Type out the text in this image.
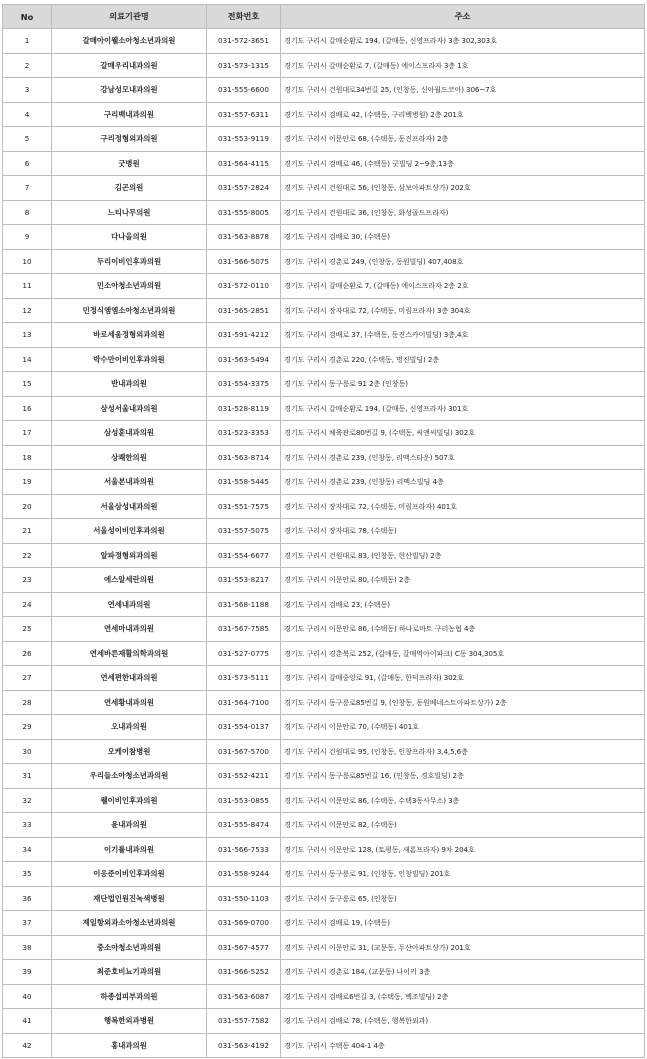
No	의료기관명	전화번호	주소
1	갈매아이웰소아청소년과의원	031-572-3651	경기도 구리시 갈매순환로 194, (갈매동, 신영프라자) 3층 302,303호
2	갈매우리내과의원	031-573-1315	경기도 구리시 갈매순환로 7, (갈매동) 에이스프라자 3층 1호
3	강남성모내과의원	031-555-6600	경기도 구리시 건원대로34번길 25, (인창동, 신아월드코아) 306~7호
4	구리백내과의원	031-557-6311	경기도 구리시 검배로 42, (수택동, 구리백병원) 2층 201호
5	구리정형외과의원	031-553-9119	경기도 구리시 이문안로 68, (수택동, 동진프라자) 2층
6	굿병원	031-564-4115	경기도 구리시 검배로 46, (수택동) 굿빌딩 2~9층,13층
7	김곤의원	031-557-2824	경기도 구리시 건원대로 56, (인창동, 삼보아파트상가) 202호
8	느티나무의원	031-555-8005	경기도 구리시 건원대로 36, (인창동, 화성골드프라자)
9	다나을의원	031-563-8878	경기도 구리시 검배로 30, (수택동)
10	두리이비인후과의원	031-566-5075	경기도 구리시 경춘로 249, (인창동, 동원빌딩) 407,408호
11	민소아청소년과의원	031-572-0110	경기도 구리시 갈매순환로 7, (갈매동) 에이스프라자 2층 2호
12	민정식엠엠소아청소년과의원	031-565-2851	경기도 구리시 장자대로 72, (수택동, 미림프라자) 3층 304호
13	바로세움정형외과의원	031-591-4212	경기도 구리시 검배로 37, (수택동, 동진스카이빌딩) 3층,4호
14	박수만이비인후과의원	031-563-5494	경기도 구리시 경춘로 220, (수택동, 명진빌딩) 2층
15	반내과의원	031-554-3375	경기도 구리시 동구릉로 91 2층 (인창동)
16	삼성서울내과의원	031-528-8119	경기도 구리시 갈매순환로 194, (갈매동, 신영프라자) 301호
17	삼성훈내과의원	031-523-3353	경기도 구리시 체육관로80번길 9, (수택동, 씨앤씨빌딩) 302호
18	상쾌한의원	031-563-8714	경기도 구리시 경춘로 239, (인창동, 리맥스타운) 507호
19	서울본내과의원	031-558-5445	경기도 구리시 경춘로 239, (인창동) 리맥스빌딩 4층
20	서울삼성내과의원	031-551-7575	경기도 구리시 장자대로 72, (수택동, 미림프라자) 401호
21	서울성이비인후과의원	031-557-5075	경기도 구리시 장자대로 78, (수택동)
22	알파정형외과의원	031-554-6677	경기도 구리시 건원대로 83, (인창동, 현산빌딩) 2층
23	에스알세란의원	031-553-8217	경기도 구리시 이문안로 80, (수택동) 2층
24	연세내과의원	031-568-1188	경기도 구리시 검배로 23, (수택동)
25	연세마내과의원	031-567-7585	경기도 구리시 이문안로 86, (수택동) 하나로마트 구리농협 4층
26	연세바른재활의학과의원	031-527-0775	경기도 구리시 경춘북로 252, (갈매동, 갈매역아이파크) C동 304,305호
27	연세편한내과의원	031-573-5111	경기도 구리시 갈매중앙로 91, (갈매동, 한덕프라자) 302호
28	연세황내과의원	031-564-7100	경기도 구리시 동구릉로85번길 9, (인창동, 동원베네스트아파트상가) 2층
29	오내과의원	031-554-0137	경기도 구리시 이문안로 70, (수택동) 401호
30	오케이참병원	031-567-5700	경기도 구리시 건원대로 95, (인창동, 인창프라자) 3,4,5,6층
31	우리들소아청소년과의원	031-552-4211	경기도 구리시 동구릉로85번길 16, (인창동, 경호빌딩) 2층
32	웰이비인후과의원	031-553-0855	경기도 구리시 이문안로 86, (수택동, 수택3동사무소) 3층
33	윤내과의원	031-555-8474	경기도 구리시 이문안로 82, (수택동)
34	이기률내과의원	031-566-7533	경기도 구리시 이문안로 128, (토평동, 새롬프라자) 9차 204호
35	이응준이비인후과의원	031-558-9244	경기도 구리시 동구릉로 91, (인창동, 인창빌딩) 201호
36	재단법인원진녹색병원	031-550-1103	경기도 구리시 동구릉로 65, (인창동)
37	제일항외과소아청소년과의원	031-569-0700	경기도 구리시 검배로 19, (수택동)
38	중소아청소년과의원	031-567-4577	경기도 구리시 이문안로 31, (교문동, 두산아파트상가) 201호
39	최준호비뇨기과의원	031-566-5252	경기도 구리시 경춘로 184, (교문동) 나이키 3층
40	하종섭피부과의원	031-563-6087	경기도 구리시 검배로6번길 3, (수택동, 백조빌딩) 2층
41	행복한외과병원	031-557-7582	경기도 구리시 검배로 78, (수택동, 행복한외과)
42	홍내과의원	031-563-4192	경기도 구리시 수택동 404-1 4층
